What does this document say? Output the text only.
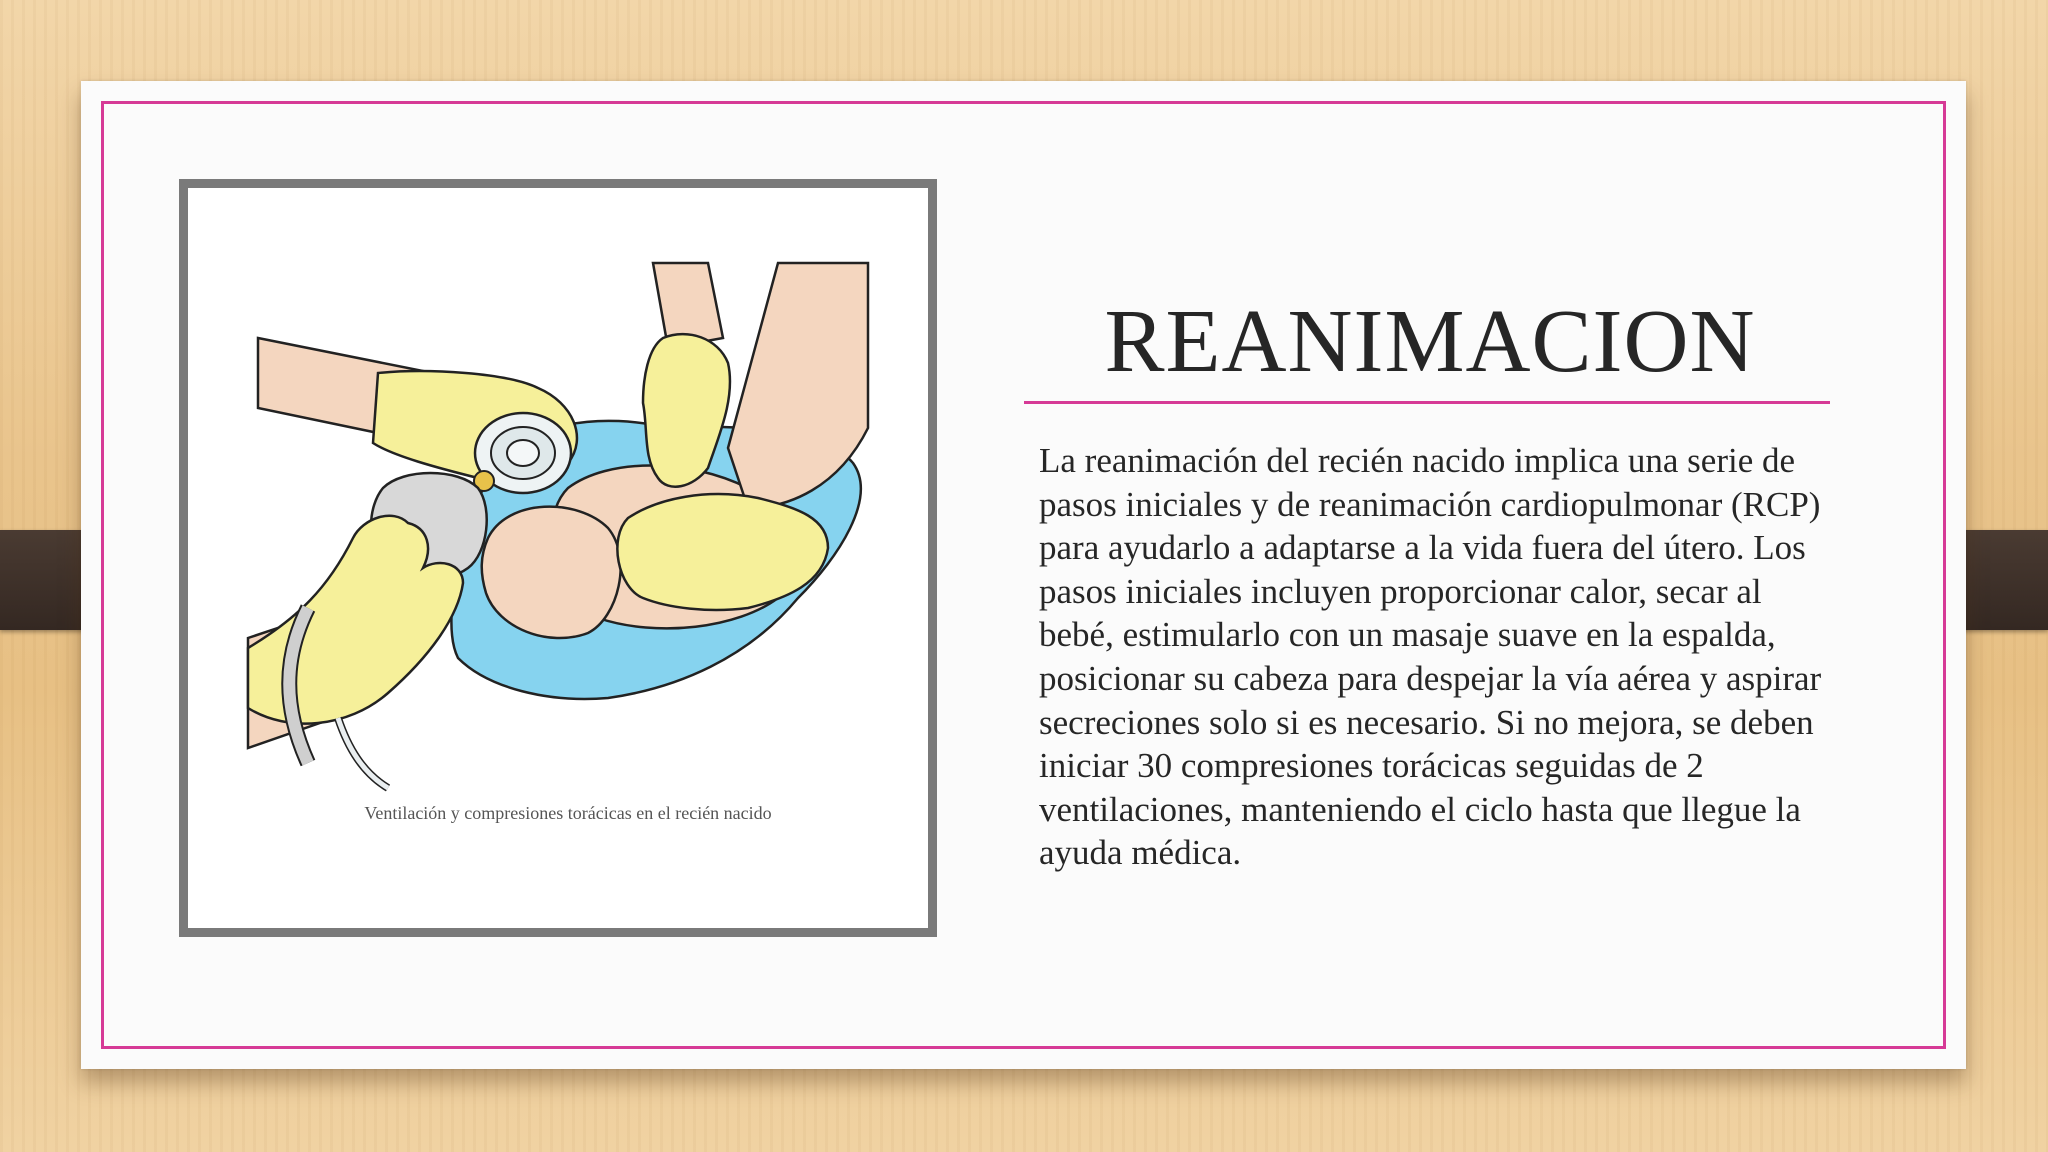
Ventilación y compresiones torácicas en el recién nacido
REANIMACION

La reanimación del recién nacido implica una serie de pasos iniciales y de reanimación cardiopulmonar (RCP) para ayudarlo a adaptarse a la vida fuera del útero. Los pasos iniciales incluyen proporcionar calor, secar al bebé, estimularlo con un masaje suave en la espalda, posicionar su cabeza para despejar la vía aérea y aspirar secreciones solo si es necesario. Si no mejora, se deben iniciar 30 compresiones torácicas seguidas de 2 ventilaciones, manteniendo el ciclo hasta que llegue la ayuda médica.
